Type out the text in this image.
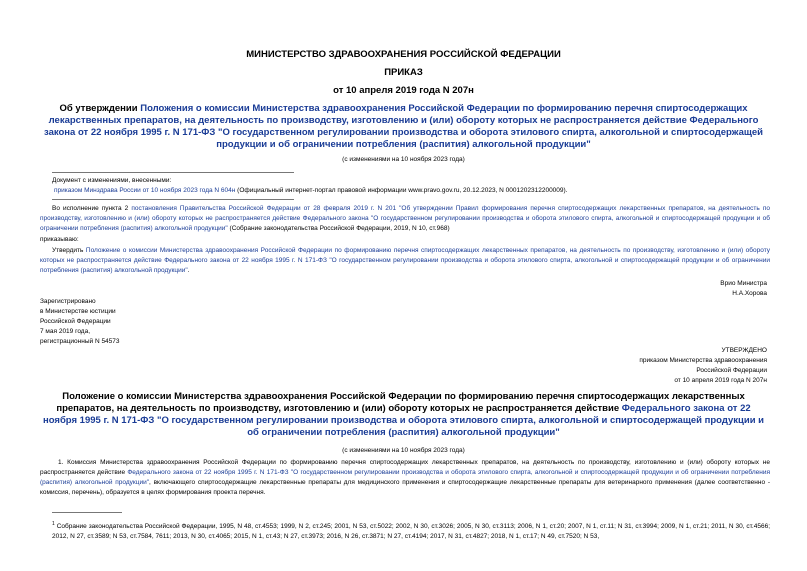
МИНИСТЕРСТВО ЗДРАВООХРАНЕНИЯ РОССИЙСКОЙ ФЕДЕРАЦИИ
ПРИКАЗ
от 10 апреля 2019 года N 207н
Об утверждении Положения о комиссии Министерства здравоохранения Российской Федерации по формированию перечня спиртосодержащих лекарственных препаратов, на деятельность по производству, изготовлению и (или) обороту которых не распространяется действие Федерального закона от 22 ноября 1995 г. N 171-ФЗ "О государственном регулировании производства и оборота этилового спирта, алкогольной и спиртосодержащей продукции и об ограничении потребления (распития) алкогольной продукции"
(с изменениями на 10 ноября 2023 года)
Документ с изменениями, внесенными:
приказом Минздрава России от 10 ноября 2023 года N 604н (Официальный интернет-портал правовой информации www.pravo.gov.ru, 20.12.2023, N 0001202312200009).
Во исполнение пункта 2 постановления Правительства Российской Федерации от 28 февраля 2019 г. N 201 "Об утверждении Правил формирования перечня спиртосодержащих лекарственных препаратов, на деятельность по производству, изготовлению и (или) обороту которых не распространяется действие Федерального закона "О государственном регулировании производства и оборота этилового спирта, алкогольной и спиртосодержащей продукции и об ограничении потребления (распития) алкогольной продукции" (Собрание законодательства Российской Федерации, 2019, N 10, ст.968)
приказываю:
Утвердить Положение о комиссии Министерства здравоохранения Российской Федерации по формированию перечня спиртосодержащих лекарственных препаратов, на деятельность по производству, изготовлению и (или) обороту которых не распространяется действие Федерального закона от 22 ноября 1995 г. N 171-ФЗ "О государственном регулировании производства и оборота этилового спирта, алкогольной и спиртосодержащей продукции и об ограничении потребления (распития) алкогольной продукции".
Врио Министра
Н.А.Хорова
Зарегистрировано
в Министерстве юстиции
Российской Федерации
7 мая 2019 года,
регистрационный N 54573
УТВЕРЖДЕНО
приказом Министерства здравоохранения
Российской Федерации
от 10 апреля 2019 года N 207н
Положение о комиссии Министерства здравоохранения Российской Федерации по формированию перечня спиртосодержащих лекарственных препаратов, на деятельность по производству, изготовлению и (или) обороту которых не распространяется действие Федерального закона от 22 ноября 1995 г. N 171-ФЗ "О государственном регулировании производства и оборота этилового спирта, алкогольной и спиртосодержащей продукции и об ограничении потребления (распития) алкогольной продукции"
(с изменениями на 10 ноября 2023 года)
1. Комиссия Министерства здравоохранения Российской Федерации по формированию перечня спиртосодержащих лекарственных препаратов, на деятельность по производству, изготовлению и (или) обороту которых не распространяется действие Федерального закона от 22 ноября 1995 г. N 171-ФЗ "О государственном регулировании производства и оборота этилового спирта, алкогольной и спиртосодержащей продукции и об ограничении потребления (распития) алкогольной продукции", включающего спиртосодержащие лекарственные препараты для медицинского применения и спиртосодержащие лекарственные препараты для ветеринарного применения (далее соответственно - комиссия, перечень), образуется в целях формирования проекта перечня.
$^1$ Собрание законодательства Российской Федерации, 1995, N 48, ст.4553; 1999, N 2, ст.245; 2001, N 53, ст.5022; 2002, N 30, ст.3026; 2005, N 30, ст.3113; 2006, N 1, ст.20; 2007, N 1, ст.11; N 31, ст.3994; 2009, N 1, ст.21; 2011, N 30, ст.4566; 2012, N 27, ст.3589; N 53, ст.7584, 7611; 2013, N 30, ст.4065; 2015, N 1, ст.43; N 27, ст.3973; 2016, N 26, ст.3871; N 27, ст.4194; 2017, N 31, ст.4827; 2018, N 1, ст.17; N 49, ст.7520; N 53,
